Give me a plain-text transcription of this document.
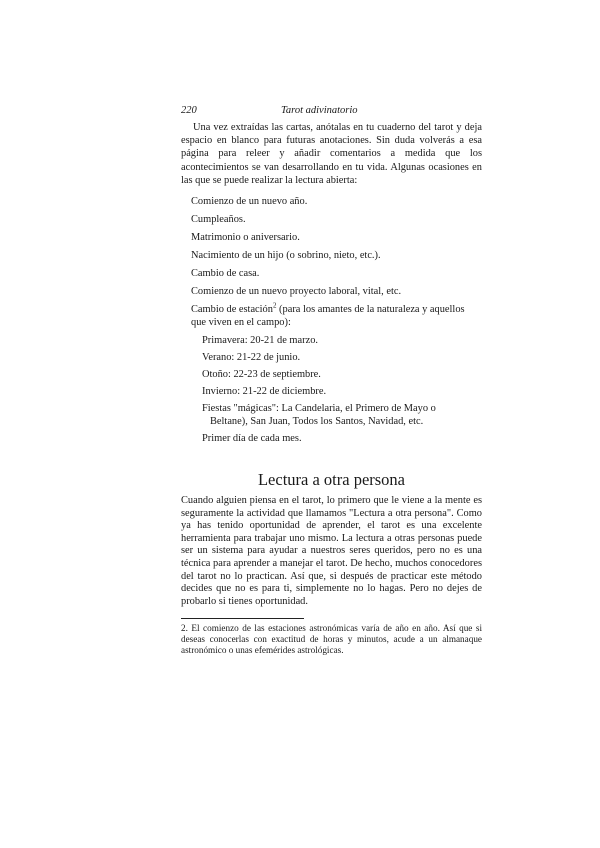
220	Tarot adivinatorio

Una vez extraídas las cartas, anótalas en tu cuaderno del tarot y deja espacio en blanco para futuras anotaciones. Sin duda volverás a esa página para releer y añadir comentarios a medida que los acontecimientos se van desarrollando en tu vida. Algunas ocasiones en las que se puede realizar la lectura abierta:

Comienzo de un nuevo año.
Cumpleaños.
Matrimonio o aniversario.
Nacimiento de un hijo (o sobrino, nieto, etc.).
Cambio de casa.
Comienzo de un nuevo proyecto laboral, vital, etc.
Cambio de estación$^2$ (para los amantes de la naturaleza y aquellos que viven en el campo):
Primavera: 20-21 de marzo.
Verano: 21-22 de junio.
Otoño: 22-23 de septiembre.
Invierno: 21-22 de diciembre.
Fiestas "mágicas": La Candelaria, el Primero de Mayo o
Beltane), San Juan, Todos los Santos, Navidad, etc.
Primer día de cada mes.
Lectura a otra persona

Cuando alguien piensa en el tarot, lo primero que le viene a la mente es seguramente la actividad que llamamos "Lectura a otra persona". Como ya has tenido oportunidad de aprender, el tarot es una excelente herramienta para trabajar uno mismo. La lectura a otras personas puede ser un sistema para ayudar a nuestros seres queridos, pero no es una técnica para aprender a manejar el tarot. De hecho, muchos conocedores del tarot no lo practican. Así que, si después de practicar este método decides que no es para ti, simplemente no lo hagas. Pero no dejes de probarlo si tienes oportunidad.

2. El comienzo de las estaciones astronómicas varía de año en año. Así que si deseas conocerlas con exactitud de horas y minutos, acude a un almanaque astronómico o unas efemérides astrológicas.
